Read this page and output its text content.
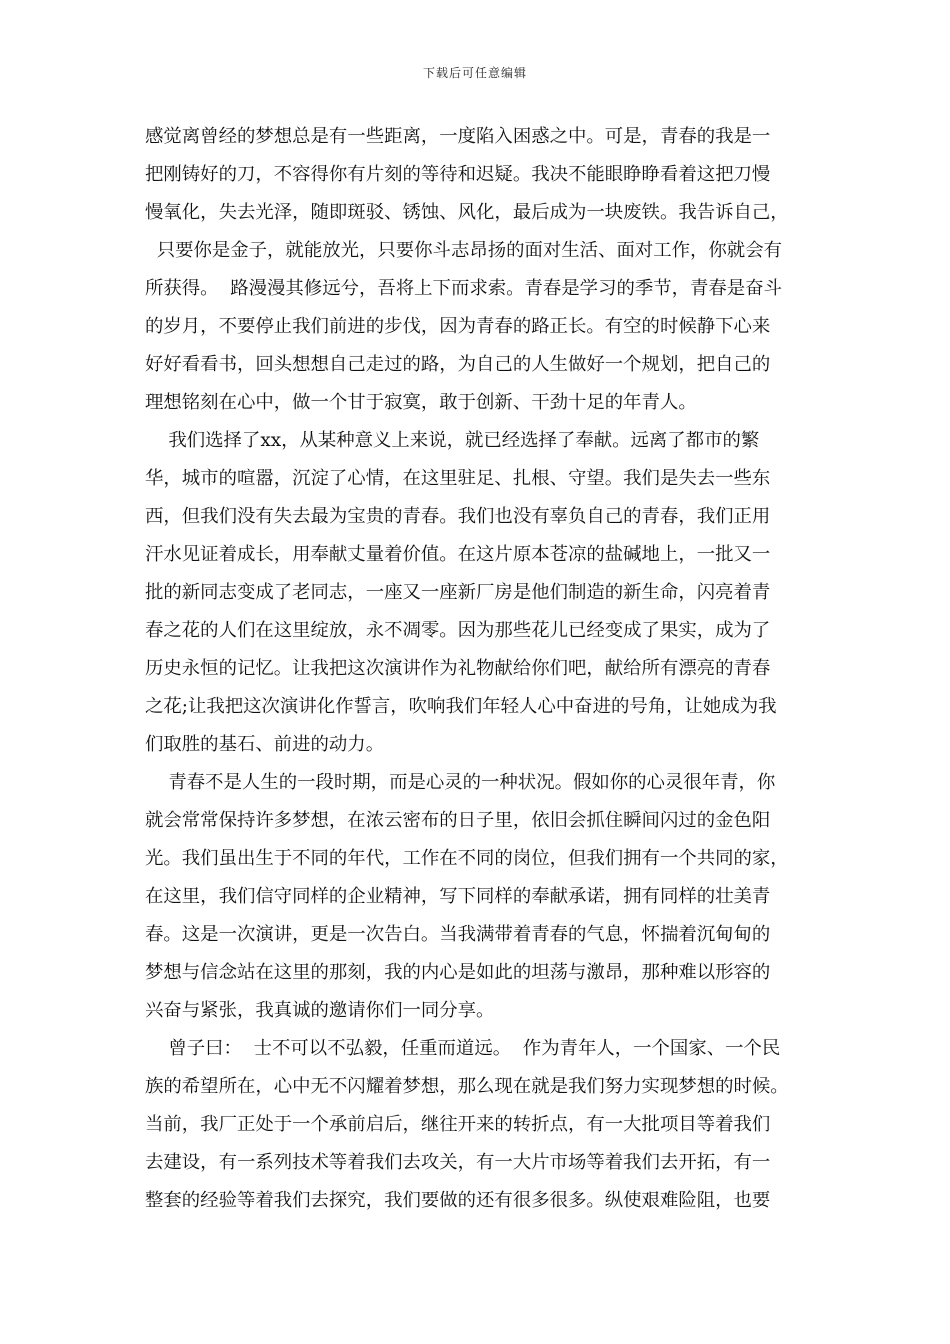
下载后可任意编辑
感觉离曾经的梦想总是有一些距离，一度陷入困惑之中。可是，青春的我是一
把刚铸好的刀，不容得你有片刻的等待和迟疑。我决不能眼睁睁看着这把刀慢
慢氧化，失去光泽，随即斑驳、锈蚀、风化，最后成为一块废铁。我告诉自己，
只要你是金子，就能放光，只要你斗志昂扬的面对生活、面对工作，你就会有
所获得。  路漫漫其修远兮，吾将上下而求索。青春是学习的季节，青春是奋斗
的岁月，不要停止我们前进的步伐，因为青春的路正长。有空的时候静下心来
好好看看书，回头想想自己走过的路，为自己的人生做好一个规划，把自己的
理想铭刻在心中，做一个甘于寂寞，敢于创新、干劲十足的年青人。
我们选择了xx，从某种意义上来说，就已经选择了奉献。远离了都市的繁
华，城市的喧嚣，沉淀了心情，在这里驻足、扎根、守望。我们是失去一些东
西，但我们没有失去最为宝贵的青春。我们也没有辜负自己的青春，我们正用
汗水见证着成长，用奉献丈量着价值。在这片原本苍凉的盐碱地上，一批又一
批的新同志变成了老同志，一座又一座新厂房是他们制造的新生命，闪亮着青
春之花的人们在这里绽放，永不凋零。因为那些花儿已经变成了果实，成为了
历史永恒的记忆。让我把这次演讲作为礼物献给你们吧，献给所有漂亮的青春
之花;让我把这次演讲化作誓言，吹响我们年轻人心中奋进的号角，让她成为我
们取胜的基石、前进的动力。
青春不是人生的一段时期，而是心灵的一种状况。假如你的心灵很年青，你
就会常常保持许多梦想，在浓云密布的日子里，依旧会抓住瞬间闪过的金色阳
光。我们虽出生于不同的年代，工作在不同的岗位，但我们拥有一个共同的家，
在这里，我们信守同样的企业精神，写下同样的奉献承诺，拥有同样的壮美青
春。这是一次演讲，更是一次告白。当我满带着青春的气息，怀揣着沉甸甸的
梦想与信念站在这里的那刻，我的内心是如此的坦荡与激昂，那种难以形容的
兴奋与紧张，我真诚的邀请你们一同分享。
曾子曰：  士不可以不弘毅，任重而道远。  作为青年人，一个国家、一个民
族的希望所在，心中无不闪耀着梦想，那么现在就是我们努力实现梦想的时候。
当前，我厂正处于一个承前启后，继往开来的转折点，有一大批项目等着我们
去建设，有一系列技术等着我们去攻关，有一大片市场等着我们去开拓，有一
整套的经验等着我们去探究，我们要做的还有很多很多。纵使艰难险阻，也要
